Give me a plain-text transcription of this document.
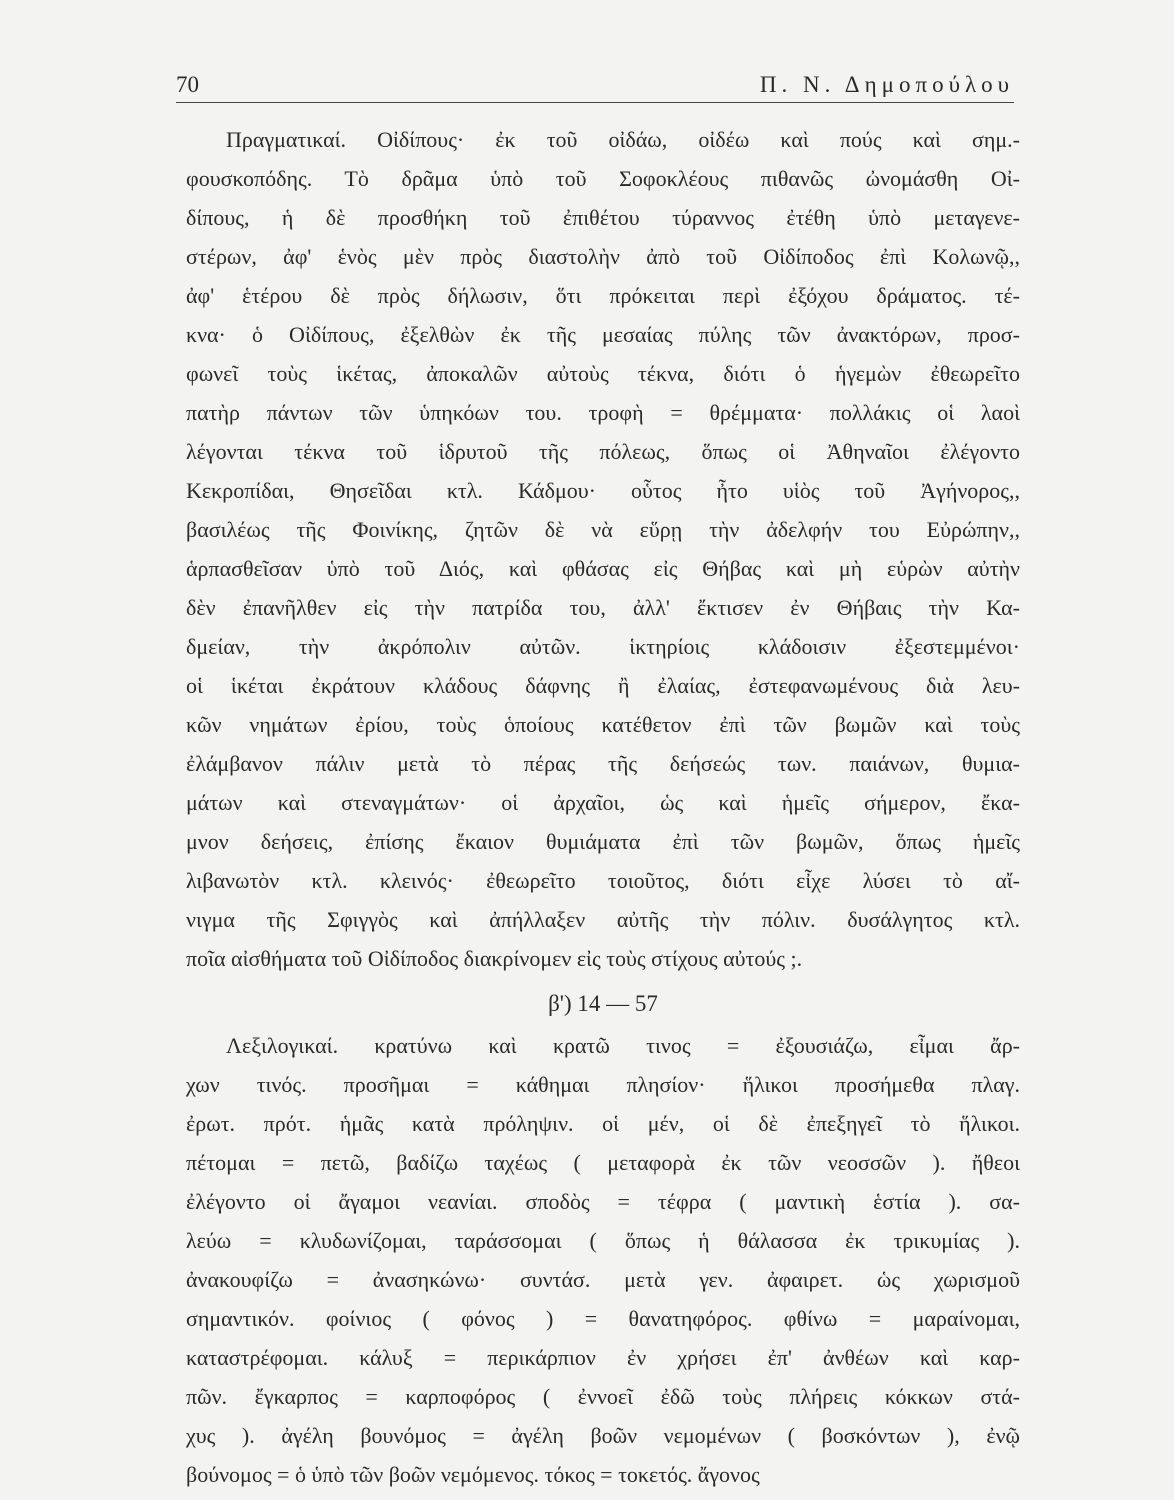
70	Π. Ν. Δημοπούλου
Πραγματικαί. Οἰδίπους· ἐκ τοῦ οἰδάω, οἰδέω καὶ πούς καὶ σημ.-
φουσκοπόδης. Τὸ δρᾶμα ὑπὸ τοῦ Σοφοκλέους πιθανῶς ὠνομάσθη Οἰ-
δίπους, ἡ δὲ προσθήκη τοῦ ἐπιθέτου τύραννος ἐτέθη ὑπὸ μεταγενε-
στέρων, ἀφ' ἑνὸς μὲν πρὸς διαστολὴν ἀπὸ τοῦ Οἰδίποδος ἐπὶ Κολωνῷ,,
ἀφ' ἑτέρου δὲ πρὸς δήλωσιν, ὅτι πρόκειται περὶ ἐξόχου δράματος. τέ-
κνα· ὁ Οἰδίπους, ἐξελθὼν ἐκ τῆς μεσαίας πύλης τῶν ἀνακτόρων, προσ-
φωνεῖ τοὺς ἱκέτας, ἀποκαλῶν αὐτοὺς τέκνα, διότι ὁ ἡγεμὼν ἐθεωρεῖτο
πατὴρ πάντων τῶν ὑπηκόων του. τροφὴ = θρέμματα· πολλάκις οἱ λαοὶ
λέγονται τέκνα τοῦ ἱδρυτοῦ τῆς πόλεως, ὅπως οἱ Ἀθηναῖοι ἐλέγοντο
Κεκροπίδαι, Θησεῖδαι κτλ. Κάδμου· οὗτος ἦτο υἱὸς τοῦ Ἀγήνορος,,
βασιλέως τῆς Φοινίκης, ζητῶν δὲ νὰ εὕρῃ τὴν ἀδελφήν του Εὐρώπην,,
ἁρπασθεῖσαν ὑπὸ τοῦ Διός, καὶ φθάσας εἰς Θήβας καὶ μὴ εὑρὼν αὐτὴν
δὲν ἐπανῆλθεν εἰς τὴν πατρίδα του, ἀλλ' ἔκτισεν ἐν Θήβαις τὴν Κα-
δμείαν, τὴν ἀκρόπολιν αὐτῶν. ἱκτηρίοις κλάδοισιν ἐξεστεμμένοι·
οἱ ἱκέται ἐκράτουν κλάδους δάφνης ἢ ἐλαίας, ἐστεφανωμένους διὰ λευ-
κῶν νημάτων ἐρίου, τοὺς ὁποίους κατέθετον ἐπὶ τῶν βωμῶν καὶ τοὺς
ἐλάμβανον πάλιν μετὰ τὸ πέρας τῆς δεήσεώς των. παιάνων, θυμια-
μάτων καὶ στεναγμάτων· οἱ ἀρχαῖοι, ὡς καὶ ἡμεῖς σήμερον, ἔκα-
μνον δεήσεις, ἐπίσης ἔκαιον θυμιάματα ἐπὶ τῶν βωμῶν, ὅπως ἡμεῖς
λιβανωτὸν κτλ. κλεινός· ἐθεωρεῖτο τοιοῦτος, διότι εἶχε λύσει τὸ αἴ-
νιγμα τῆς Σφιγγὸς καὶ ἀπήλλαξεν αὐτῆς τὴν πόλιν. δυσάλγητος κτλ.
ποῖα αἰσθήματα τοῦ Οἰδίποδος διακρίνομεν εἰς τοὺς στίχους αὐτούς ;.
β') 14 — 57
Λεξιλογικαί. κρατύνω καὶ κρατῶ τινος = ἐξουσιάζω, εἶμαι ἄρ-
χων τινός. προσῆμαι = κάθημαι πλησίον· ἥλικοι προσήμεθα πλαγ.
ἐρωτ. πρότ. ἡμᾶς κατὰ πρόληψιν. οἱ μέν, οἱ δὲ ἐπεξηγεῖ τὸ ἥλικοι.
πέτομαι = πετῶ, βαδίζω ταχέως ( μεταφορὰ ἐκ τῶν νεοσσῶν ). ἤθεοι
ἐλέγοντο οἱ ἄγαμοι νεανίαι. σποδὸς = τέφρα ( μαντικὴ ἑστία ). σα-
λεύω = κλυδωνίζομαι, ταράσσομαι ( ὅπως ἡ θάλασσα ἐκ τρικυμίας ).
ἀνακουφίζω = ἀνασηκώνω· συντάσ. μετὰ γεν. ἀφαιρετ. ὡς χωρισμοῦ
σημαντικόν. φοίνιος ( φόνος ) = θανατηφόρος. φθίνω = μαραίνομαι,
καταστρέφομαι. κάλυξ = περικάρπιον ἐν χρήσει ἐπ' ἀνθέων καὶ καρ-
πῶν. ἔγκαρπος = καρποφόρος ( ἐννοεῖ ἐδῶ τοὺς πλήρεις κόκκων στά-
χυς ). ἀγέλη βουνόμος = ἀγέλη βοῶν νεμομένων ( βοσκόντων ), ἐνῷ
βούνομος = ὁ ὑπὸ τῶν βοῶν νεμόμενος. τόκος = τοκετός. ἄγονος
